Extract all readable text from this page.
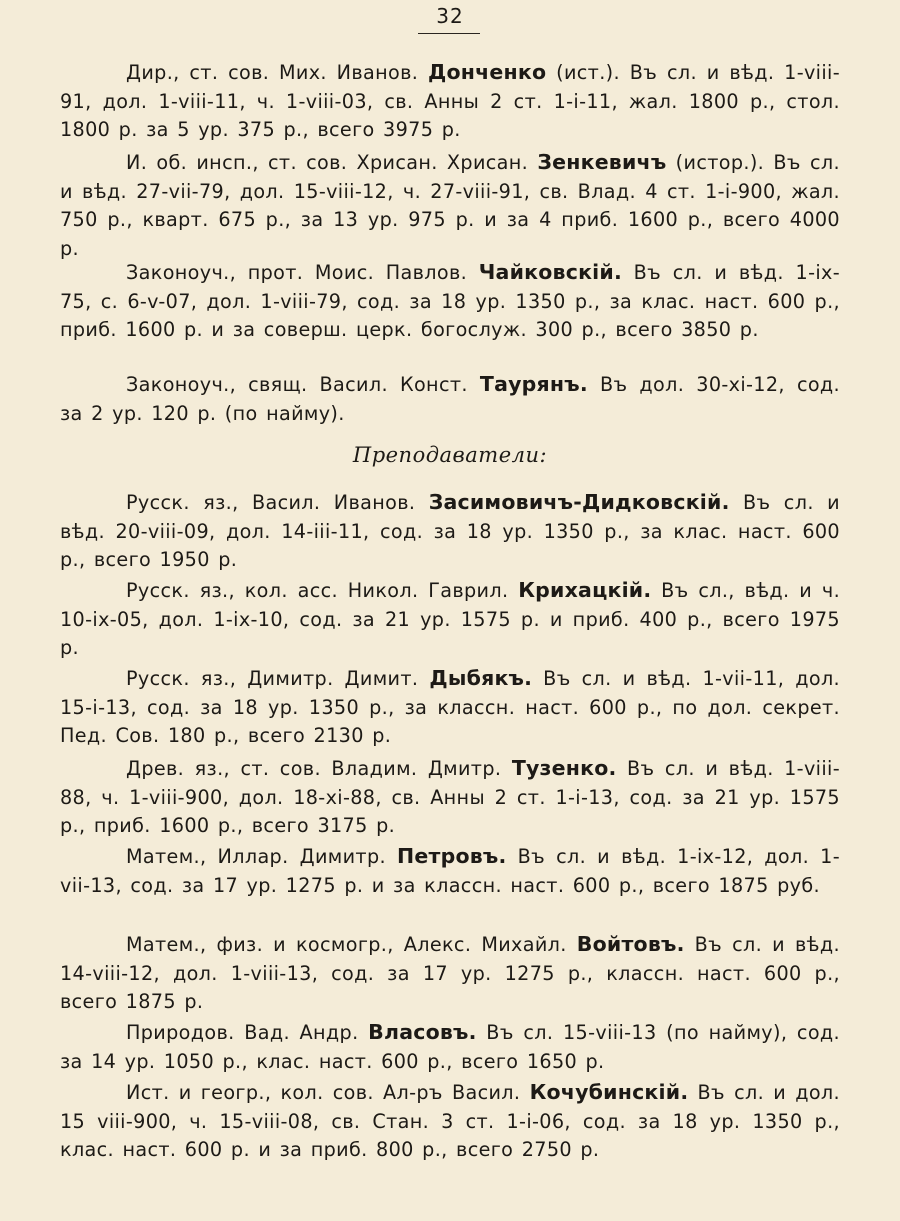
32

Дир., ст. сов. Мих. Иванов. Донченко (ист.). Въ сл. и вѣд. 1-viii-91, дол. 1-viii-11, ч. 1-viii-03, св. Анны 2 ст. 1-i-11, жал. 1800 р., стол. 1800 р. за 5 ур. 375 р., всего 3975 р.

И. об. инсп., ст. сов. Хрисан. Хрисан. Зенкевичъ (истор.). Въ сл. и вѣд. 27-vii-79, дол. 15-viii-12, ч. 27-viii-91, св. Влад. 4 ст. 1-i-900, жал. 750 р., кварт. 675 р., за 13 ур. 975 р. и за 4 приб. 1600 р., всего 4000 р.

Законоуч., прот. Моис. Павлов. Чайковскій. Въ сл. и вѣд. 1-ix-75, с. 6-v-07, дол. 1-viii-79, сод. за 18 ур. 1350 р., за клас. наст. 600 р., приб. 1600 р. и за соверш. церк. богослуж. 300 р., всего 3850 р.

Законоуч., свящ. Васил. Конст. Таурянъ. Въ дол. 30-xi-12, сод. за 2 ур. 120 р. (по найму).

Преподаватели:

Русск. яз., Васил. Иванов. Засимовичъ-Дидковскій. Въ сл. и вѣд. 20-viii-09, дол. 14-iii-11, сод. за 18 ур. 1350 р., за клас. наст. 600 р., всего 1950 р.

Русск. яз., кол. асс. Никол. Гаврил. Крихацкій. Въ сл., вѣд. и ч. 10-ix-05, дол. 1-ix-10, сод. за 21 ур. 1575 р. и приб. 400 р., всего 1975 р.

Русск. яз., Димитр. Димит. Дыбякъ. Въ сл. и вѣд. 1-vii-11, дол. 15-i-13, сод. за 18 ур. 1350 р., за классн. наст. 600 р., по дол. секрет. Пед. Сов. 180 р., всего 2130 р.

Древ. яз., ст. сов. Владим. Дмитр. Тузенко. Въ сл. и вѣд. 1-viii-88, ч. 1-viii-900, дол. 18-xi-88, св. Анны 2 ст. 1-i-13, сод. за 21 ур. 1575 р., приб. 1600 р., всего 3175 р.

Матем., Иллар. Димитр. Петровъ. Въ сл. и вѣд. 1-ix-12, дол. 1-vii-13, сод. за 17 ур. 1275 р. и за классн. наст. 600 р., всего 1875 руб.

Матем., физ. и космогр., Алекс. Михайл. Войтовъ. Въ сл. и вѣд. 14-viii-12, дол. 1-viii-13, сод. за 17 ур. 1275 р., классн. наст. 600 р., всего 1875 р.

Природов. Вад. Андр. Власовъ. Въ сл. 15-viii-13 (по найму), сод. за 14 ур. 1050 р., клас. наст. 600 р., всего 1650 р.

Ист. и геогр., кол. сов. Ал-ръ Васил. Кочубинскій. Въ сл. и дол. 15 viii-900, ч. 15-viii-08, св. Стан. 3 ст. 1-i-06, сод. за 18 ур. 1350 р., клас. наст. 600 р. и за приб. 800 р., всего 2750 р.
